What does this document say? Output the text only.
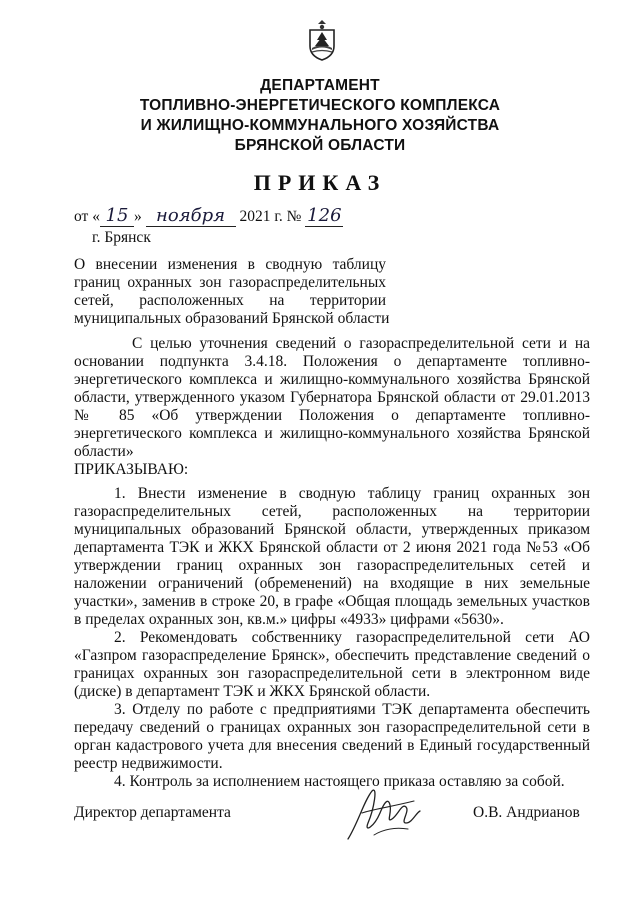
ДЕПАРТАМЕНТ
ТОПЛИВНО-ЭНЕРГЕТИЧЕСКОГО КОМПЛЕКСА
И ЖИЛИЩНО-КОММУНАЛЬНОГО ХОЗЯЙСТВА
БРЯНСКОЙ ОБЛАСТИ
ПРИКАЗ
от « 15 » ноября 2021 г. № 126
г. Брянск
О внесении изменения в сводную таблицу
границ охранных зон газораспределительных
сетей, расположенных на территории
муниципальных образований Брянской области

С целью уточнения сведений о газораспределительной сети и на основании подпункта 3.4.18. Положения о департаменте топливно-энергетического комплекса и жилищно-коммунального хозяйства Брянской области, утвержденного указом Губернатора Брянской области от 29.01.2013 № 85 «Об утверждении Положения о департаменте топливно-энергетического комплекса и жилищно-коммунального хозяйства Брянской области»

ПРИКАЗЫВАЮ:

1. Внести изменение в сводную таблицу границ охранных зон газораспределительных сетей, расположенных на территории муниципальных образований Брянской области, утвержденных приказом департамента ТЭК и ЖКХ Брянской области от 2 июня 2021 года №53 «Об утверждении границ охранных зон газораспределительных сетей и наложении ограничений (обременений) на входящие в них земельные участки», заменив в строке 20, в графе «Общая площадь земельных участков в пределах охранных зон, кв.м.» цифры «4933» цифрами «5630».

2. Рекомендовать собственнику газораспределительной сети АО «Газпром газораспределение Брянск», обеспечить представление сведений о границах охранных зон газораспределительной сети в электронном виде (диске) в департамент ТЭК и ЖКХ Брянской области.

3. Отделу по работе с предприятиями ТЭК департамента обеспечить передачу сведений о границах охранных зон газораспределительной сети в орган кадастрового учета для внесения сведений в Единый государственный реестр недвижимости.

4. Контроль за исполнением настоящего приказа оставляю за собой.

Директор департамента	О.В. Андрианов
